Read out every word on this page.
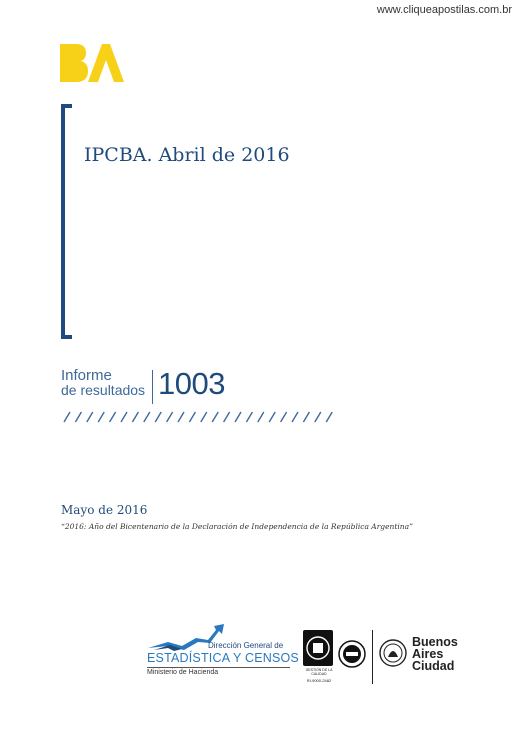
www.cliqueapostilas.com.br
IPCBA. Abril de 2016
Informe
de resultados 1003
Mayo de 2016
“2016: Año del Bicentenario de la Declaración de Independencia de la República Argentina”
Dirección General de
ESTADÍSTICA Y CENSOS
Ministerio de Hacienda	GESTIÓN DE LA CALIDAD
RI-9000-2482
Buenos
Aires
Ciudad
